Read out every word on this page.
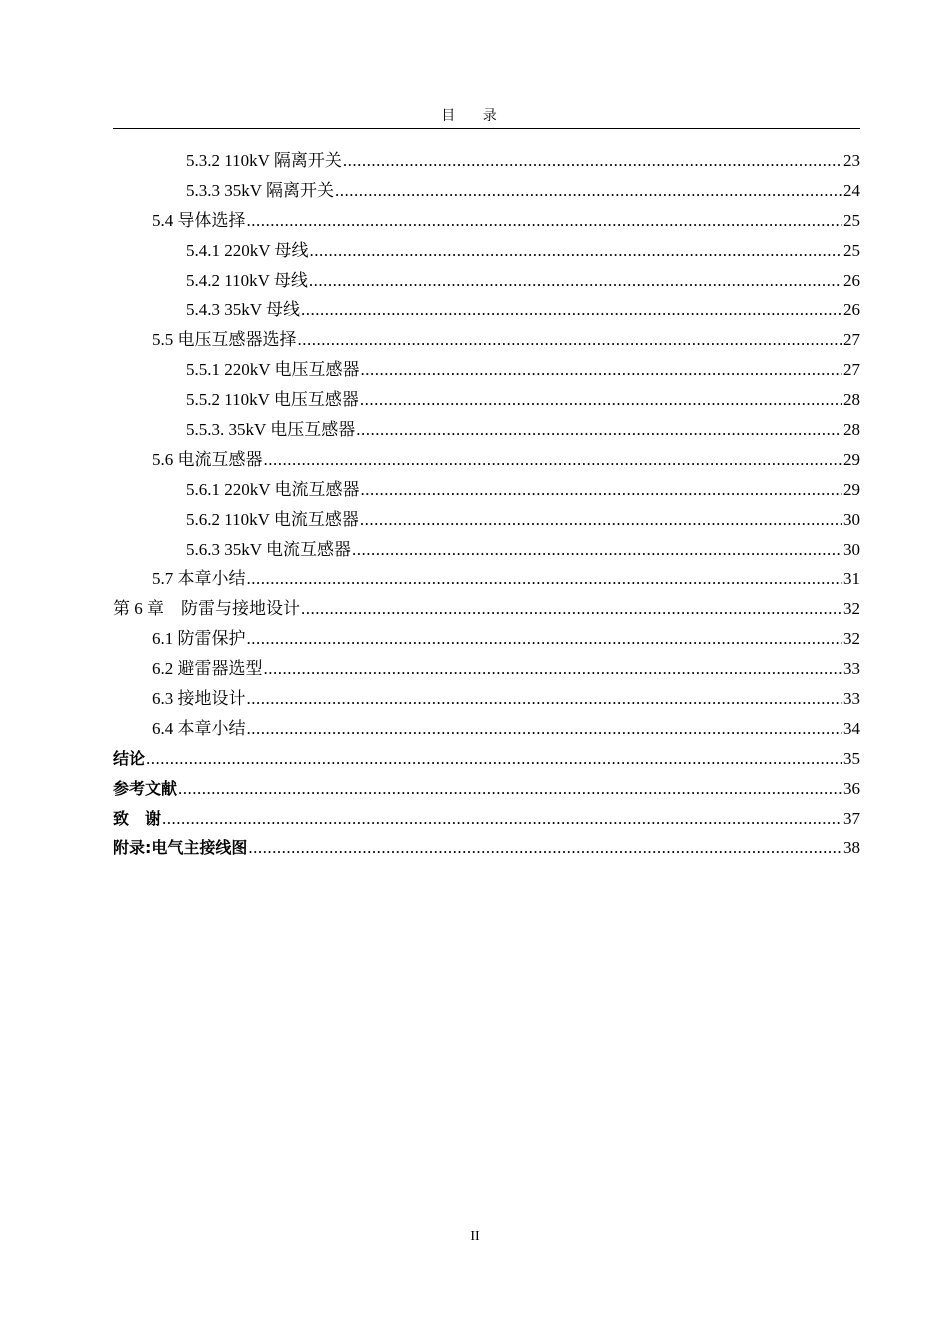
目 录
5.3.2 110kV 隔离开关 .....	23
5.3.3 35kV 隔离开关 .....	24
5.4 导体选择 .....	25
5.4.1 220kV 母线 .....	25
5.4.2 110kV 母线 .....	26
5.4.3 35kV 母线 .....	26
5.5 电压互感器选择 .....	27
5.5.1 220kV 电压互感器 .....	27
5.5.2 110kV 电压互感器 .....	28
5.5.3. 35kV 电压互感器 .....	28
5.6 电流互感器 .....	29
5.6.1 220kV 电流互感器 .....	29
5.6.2 110kV 电流互感器 .....	30
5.6.3 35kV 电流互感器 .....	30
5.7 本章小结 .....	31
第 6 章　防雷与接地设计 .....	32
6.1 防雷保护 .....	32
6.2 避雷器选型 .....	33
6.3 接地设计 .....	33
6.4 本章小结 .....	34
结论 .....	35
参考文献 .....	36
致　谢 .....	37
附录:电气主接线图 .....	38
II
